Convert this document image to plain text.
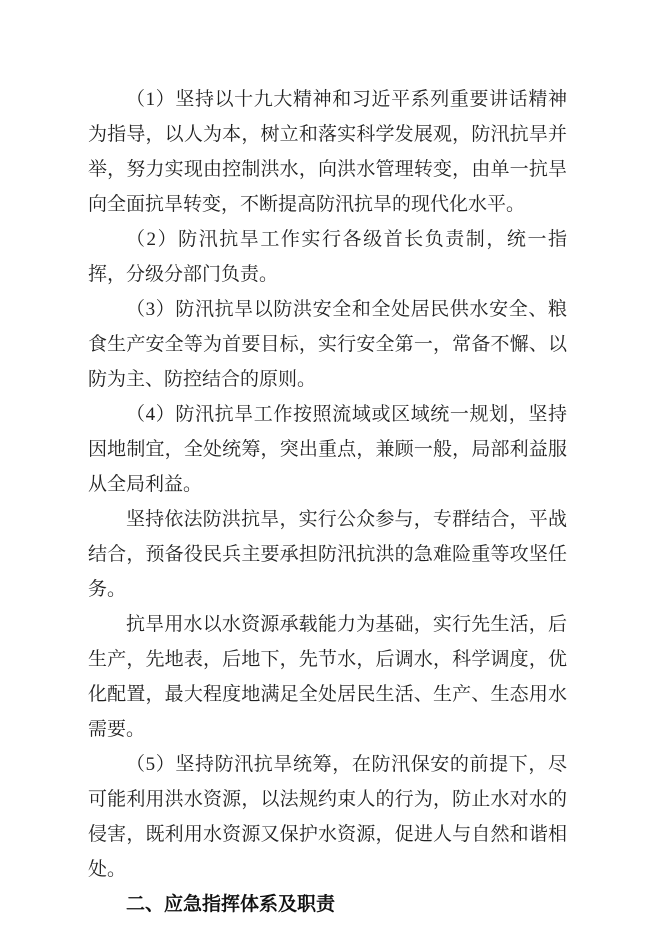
（1）坚持以十九大精神和习近平系列重要讲话精神为指导，以人为本，树立和落实科学发展观，防汛抗旱并举，努力实现由控制洪水，向洪水管理转变，由单一抗旱向全面抗旱转变，不断提高防汛抗旱的现代化水平。

（2）防汛抗旱工作实行各级首长负责制，统一指挥，分级分部门负责。

（3）防汛抗旱以防洪安全和全处居民供水安全、粮食生产安全等为首要目标，实行安全第一，常备不懈、以防为主、防控结合的原则。

（4）防汛抗旱工作按照流域或区域统一规划，坚持因地制宜，全处统筹，突出重点，兼顾一般，局部利益服从全局利益。

坚持依法防洪抗旱，实行公众参与，专群结合，平战结合，预备役民兵主要承担防汛抗洪的急难险重等攻坚任务。

抗旱用水以水资源承载能力为基础，实行先生活，后生产，先地表，后地下，先节水，后调水，科学调度，优化配置，最大程度地满足全处居民生活、生产、生态用水需要。

（5）坚持防汛抗旱统筹，在防汛保安的前提下，尽可能利用洪水资源，以法规约束人的行为，防止水对水的侵害，既利用水资源又保护水资源，促进人与自然和谐相处。

二、应急指挥体系及职责
